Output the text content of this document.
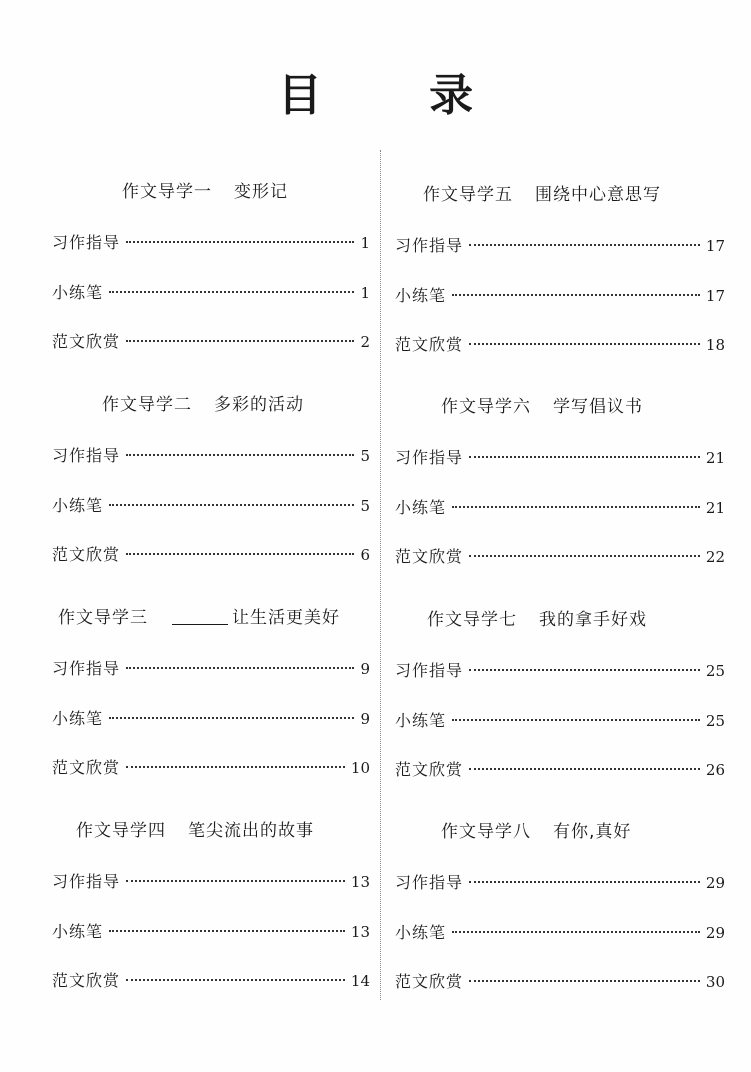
目 录
作文导学一 变形记
习作指导	1
小练笔	1
范文欣赏	2
作文导学二 多彩的活动
习作指导	5
小练笔	5
范文欣赏	6
作文导学三	让生活更美好
习作指导	9
小练笔	9
范文欣赏	10
作文导学四 笔尖流出的故事
习作指导	13
小练笔	13
范文欣赏	14
作文导学五 围绕中心意思写
习作指导	17
小练笔	17
范文欣赏	18
作文导学六 学写倡议书
习作指导	21
小练笔	21
范文欣赏	22
作文导学七 我的拿手好戏
习作指导	25
小练笔	25
范文欣赏	26
作文导学八 有你,真好
习作指导	29
小练笔	29
范文欣赏	30
